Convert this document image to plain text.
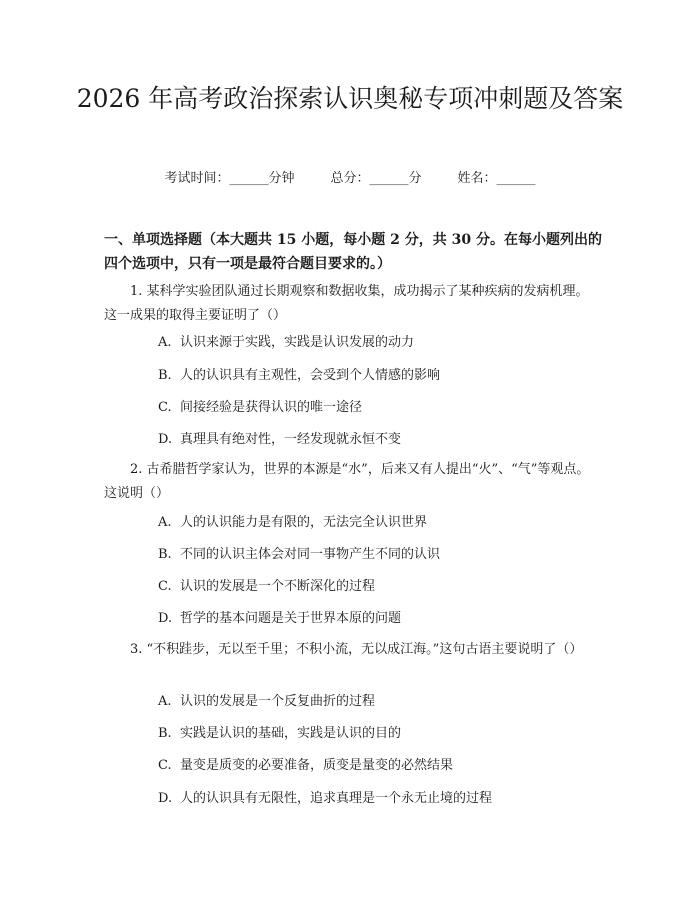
2026 年高考政治探索认识奥秘专项冲刺题及答案
考试时间：______分钟	总分：______分	姓名：______
一、单项选择题（本大题共 15 小题，每小题 2 分，共 30 分。在每小题列出的四个选项中，只有一项是最符合题目要求的。）
1. 某科学实验团队通过长期观察和数据收集，成功揭示了某种疾病的发病机理。这一成果的取得主要证明了（）
A. 认识来源于实践，实践是认识发展的动力
B. 人的认识具有主观性，会受到个人情感的影响
C. 间接经验是获得认识的唯一途径
D. 真理具有绝对性，一经发现就永恒不变
2. 古希腊哲学家认为，世界的本源是“水”，后来又有人提出“火”、“气”等观点。这说明（）
A. 人的认识能力是有限的，无法完全认识世界
B. 不同的认识主体会对同一事物产生不同的认识
C. 认识的发展是一个不断深化的过程
D. 哲学的基本问题是关于世界本原的问题
3. “不积跬步，无以至千里；不积小流，无以成江海。”这句古语主要说明了（）
A. 认识的发展是一个反复曲折的过程
B. 实践是认识的基础，实践是认识的目的
C. 量变是质变的必要准备，质变是量变的必然结果
D. 人的认识具有无限性，追求真理是一个永无止境的过程
